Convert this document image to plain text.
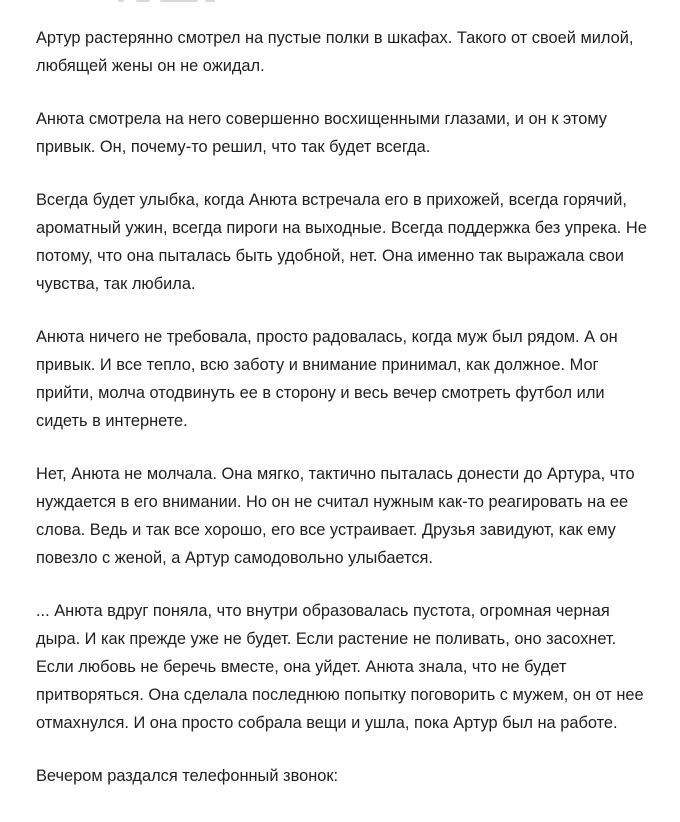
Артур растерянно смотрел на пустые полки в шкафах. Такого от своей милой, любящей жены он не ожидал.

Анюта смотрела на него совершенно восхищенными глазами, и он к этому привык. Он, почему-то решил, что так будет всегда.

Всегда будет улыбка, когда Анюта встречала его в прихожей, всегда горячий, ароматный ужин, всегда пироги на выходные. Всегда поддержка без упрека. Не потому, что она пыталась быть удобной, нет. Она именно так выражала свои чувства, так любила.

Анюта ничего не требовала, просто радовалась, когда муж был рядом. А он привык. И все тепло, всю заботу и внимание принимал, как должное. Мог прийти, молча отодвинуть ее в сторону и весь вечер смотреть футбол или сидеть в интернете.

Нет, Анюта не молчала. Она мягко, тактично пыталась донести до Артура, что нуждается в его внимании. Но он не считал нужным как-то реагировать на ее слова. Ведь и так все хорошо, его все устраивает. Друзья завидуют, как ему повезло с женой, а Артур самодовольно улыбается.

... Анюта вдруг поняла, что внутри образовалась пустота, огромная черная дыра. И как прежде уже не будет. Если растение не поливать, оно засохнет. Если любовь не беречь вместе, она уйдет. Анюта знала, что не будет притворяться. Она сделала последнюю попытку поговорить с мужем, он от нее отмахнулся. И она просто собрала вещи и ушла, пока Артур был на работе.

Вечером раздался телефонный звонок:
